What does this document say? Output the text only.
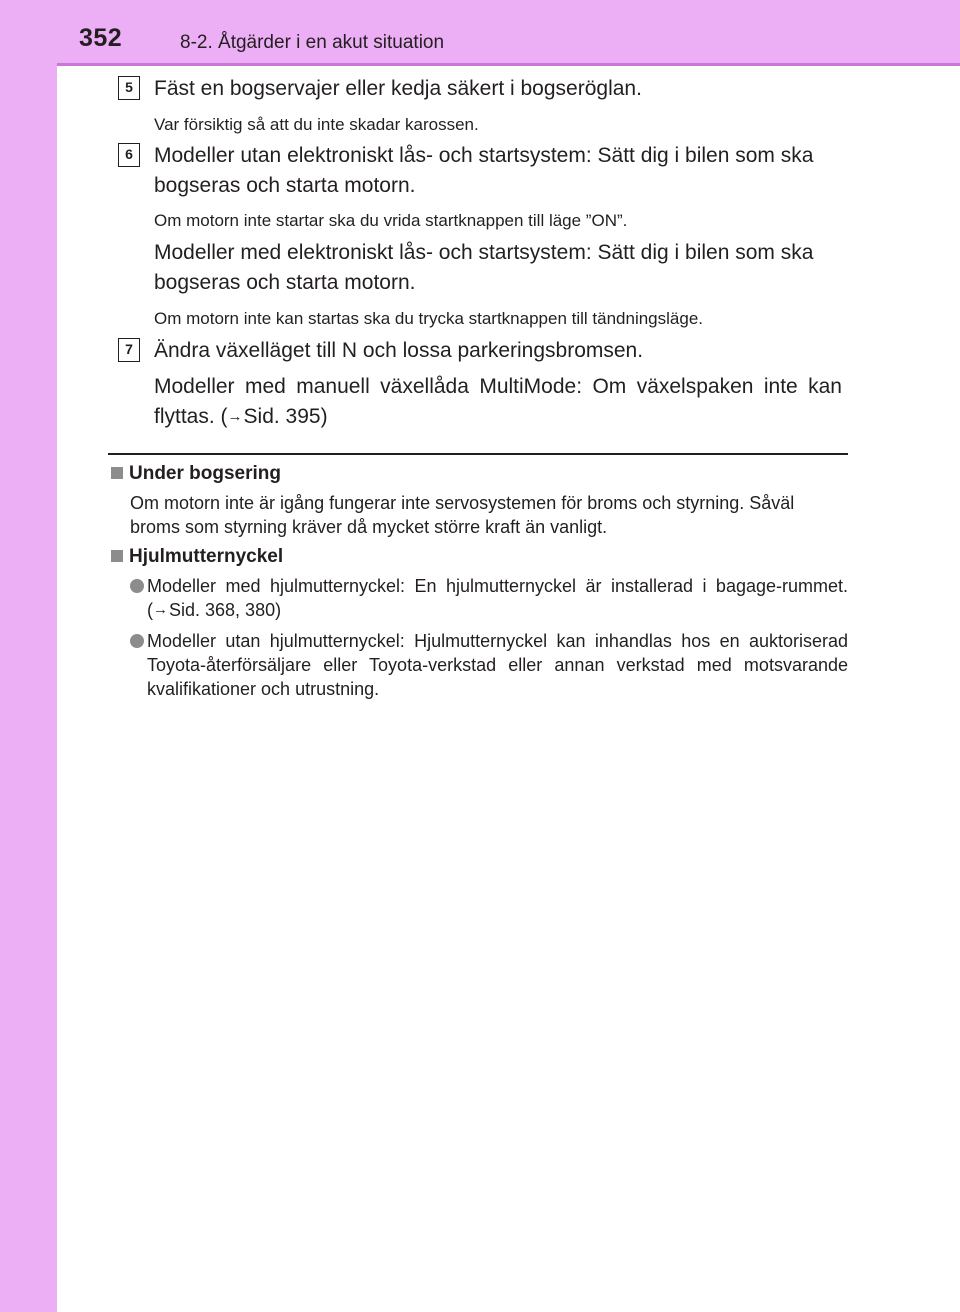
352	8-2. Åtgärder i en akut situation
5	Fäst en bogservajer eller kedja säkert i bogseröglan.
Var försiktig så att du inte skadar karossen.
6	Modeller utan elektroniskt lås- och startsystem: Sätt dig i bilen som ska bogseras och starta motorn.
Om motorn inte startar ska du vrida startknappen till läge ”ON”.
Modeller med elektroniskt lås- och startsystem: Sätt dig i bilen som ska bogseras och starta motorn.
Om motorn inte kan startas ska du trycka startknappen till tändningsläge.
7	Ändra växelläget till N och lossa parkeringsbromsen.
Modeller med manuell växellåda MultiMode: Om växelspaken inte kan flyttas. (→Sid. 395)
Under bogsering
Om motorn inte är igång fungerar inte servosystemen för broms och styrning. Såväl broms som styrning kräver då mycket större kraft än vanligt.
Hjulmutternyckel
Modeller med hjulmutternyckel: En hjulmutternyckel är installerad i bagage-rummet. (→Sid. 368, 380)
Modeller utan hjulmutternyckel: Hjulmutternyckel kan inhandlas hos en auktoriserad Toyota-återförsäljare eller Toyota-verkstad eller annan verkstad med motsvarande kvalifikationer och utrustning.
